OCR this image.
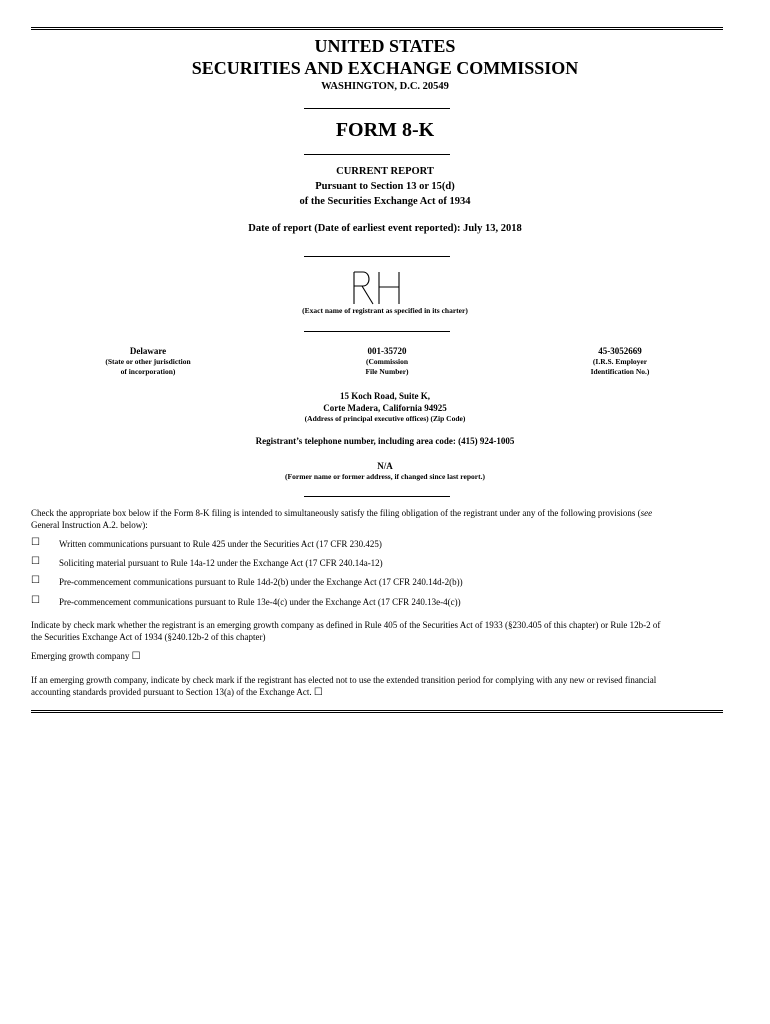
UNITED STATES
SECURITIES AND EXCHANGE COMMISSION
WASHINGTON, D.C. 20549
FORM 8-K
CURRENT REPORT
Pursuant to Section 13 or 15(d)
of the Securities Exchange Act of 1934
Date of report (Date of earliest event reported): July 13, 2018
(Exact name of registrant as specified in its charter)
Delaware
(State or other jurisdiction
of incorporation)
001-35720
(Commission
File Number)
45-3052669
(I.R.S. Employer
Identification No.)
15 Koch Road, Suite K,
Corte Madera, California 94925
(Address of principal executive offices) (Zip Code)
Registrant’s telephone number, including area code: (415) 924-1005
N/A
(Former name or former address, if changed since last report.)
Check the appropriate box below if the Form 8-K filing is intended to simultaneously satisfy the filing obligation of the registrant under any of the following provisions (see
General Instruction A.2. below):
☐ Written communications pursuant to Rule 425 under the Securities Act (17 CFR 230.425)
☐ Soliciting material pursuant to Rule 14a-12 under the Exchange Act (17 CFR 240.14a-12)
☐ Pre-commencement communications pursuant to Rule 14d-2(b) under the Exchange Act (17 CFR 240.14d-2(b))
☐ Pre-commencement communications pursuant to Rule 13e-4(c) under the Exchange Act (17 CFR 240.13e-4(c))
Indicate by check mark whether the registrant is an emerging growth company as defined in Rule 405 of the Securities Act of 1933 (§230.405 of this chapter) or Rule 12b-2 of
the Securities Exchange Act of 1934 (§240.12b-2 of this chapter)
Emerging growth company ☐
If an emerging growth company, indicate by check mark if the registrant has elected not to use the extended transition period for complying with any new or revised financial
accounting standards provided pursuant to Section 13(a) of the Exchange Act. ☐
